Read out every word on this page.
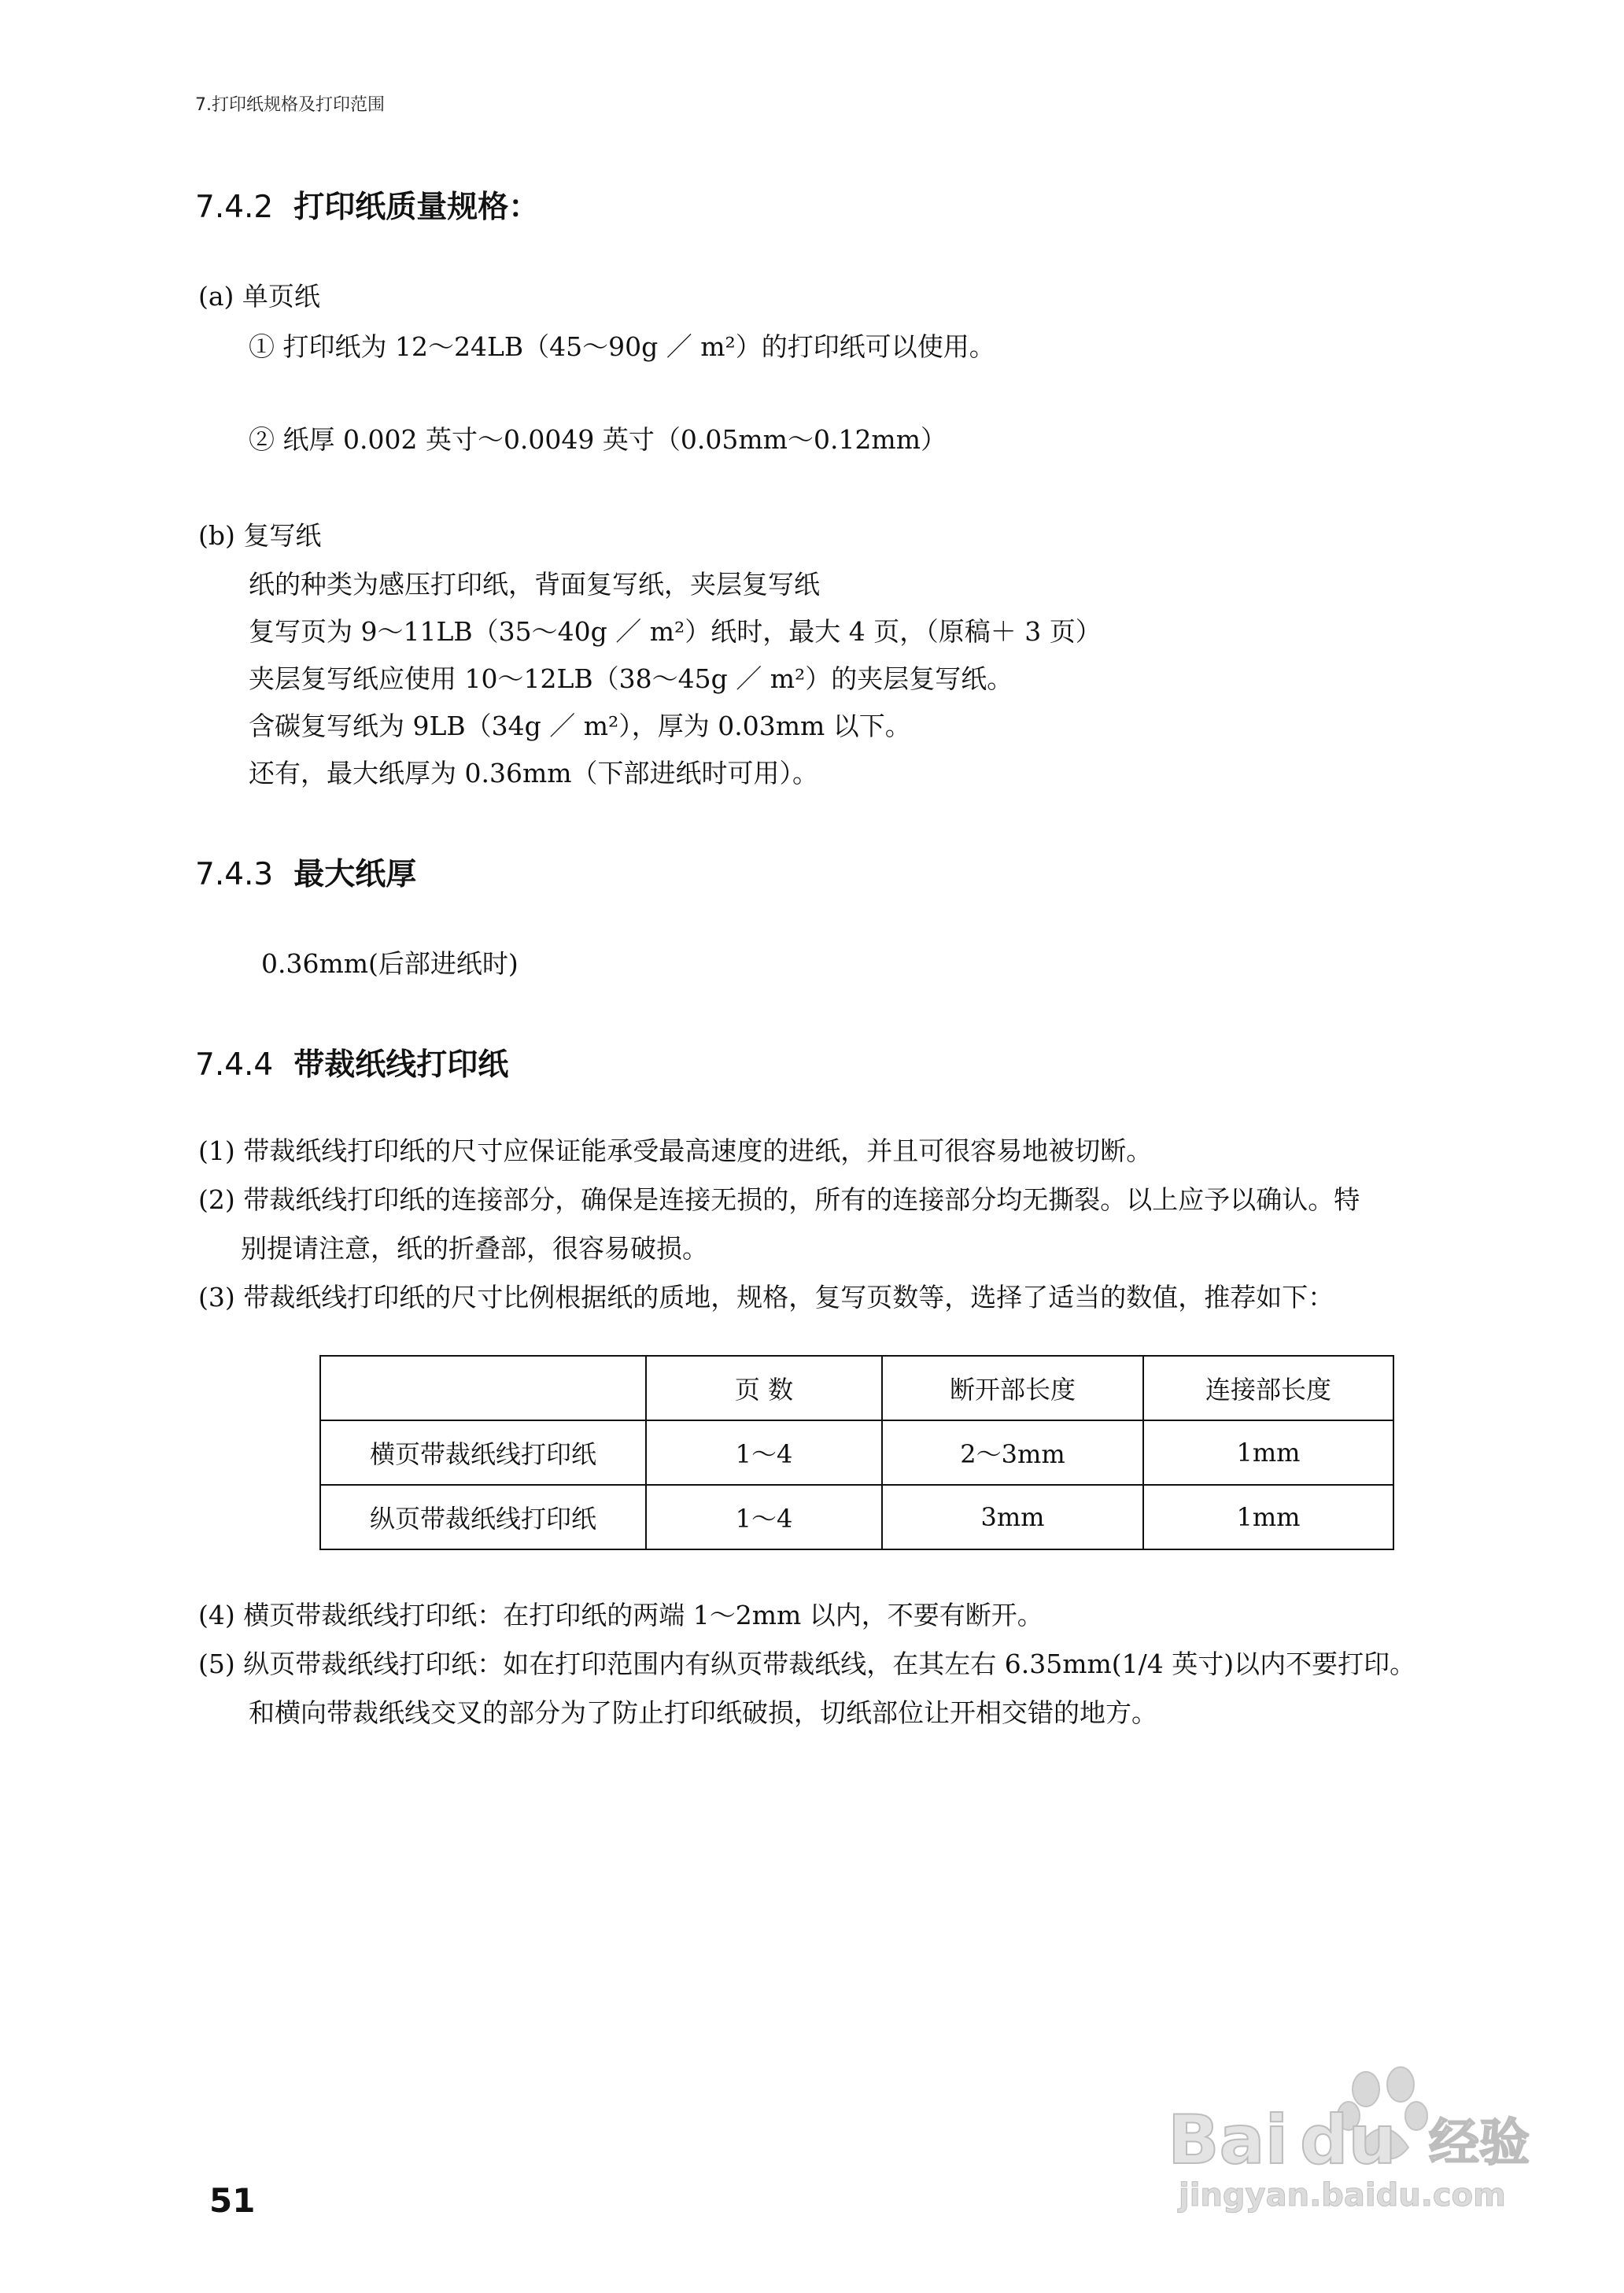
7.打印纸规格及打印范围
7.4.2 打印纸质量规格：
(a) 单页纸
① 打印纸为 12～24LB（45～90g ／ m²）的打印纸可以使用。
② 纸厚 0.002 英寸～0.0049 英寸（0.05mm～0.12mm）
(b) 复写纸
纸的种类为感压打印纸，背面复写纸，夹层复写纸
复写页为 9～11LB（35～40g ／ m²）纸时，最大 4 页，（原稿＋ 3 页）
夹层复写纸应使用 10～12LB（38～45g ／ m²）的夹层复写纸。
含碳复写纸为 9LB（34g ／ m²），厚为 0.03mm 以下。
还有，最大纸厚为 0.36mm（下部进纸时可用）。
7.4.3 最大纸厚
0.36mm(后部进纸时)
7.4.4 带裁纸线打印纸
(1) 带裁纸线打印纸的尺寸应保证能承受最高速度的进纸，并且可很容易地被切断。
(2) 带裁纸线打印纸的连接部分，确保是连接无损的，所有的连接部分均无撕裂。以上应予以确认。特
别提请注意，纸的折叠部，很容易破损。
(3) 带裁纸线打印纸的尺寸比例根据纸的质地，规格，复写页数等，选择了适当的数值，推荐如下：
	页 数	断开部长度	连接部长度
横页带裁纸线打印纸	1～4	2～3mm	1mm
纵页带裁纸线打印纸	1～4	3mm	1mm
(4) 横页带裁纸线打印纸：在打印纸的两端 1～2mm 以内，不要有断开。
(5) 纵页带裁纸线打印纸：如在打印范围内有纵页带裁纸线，在其左右 6.35mm(1/4 英寸)以内不要打印。
和横向带裁纸线交叉的部分为了防止打印纸破损，切纸部位让开相交错的地方。
51
Bai du 经验
jingyan.baidu.com
